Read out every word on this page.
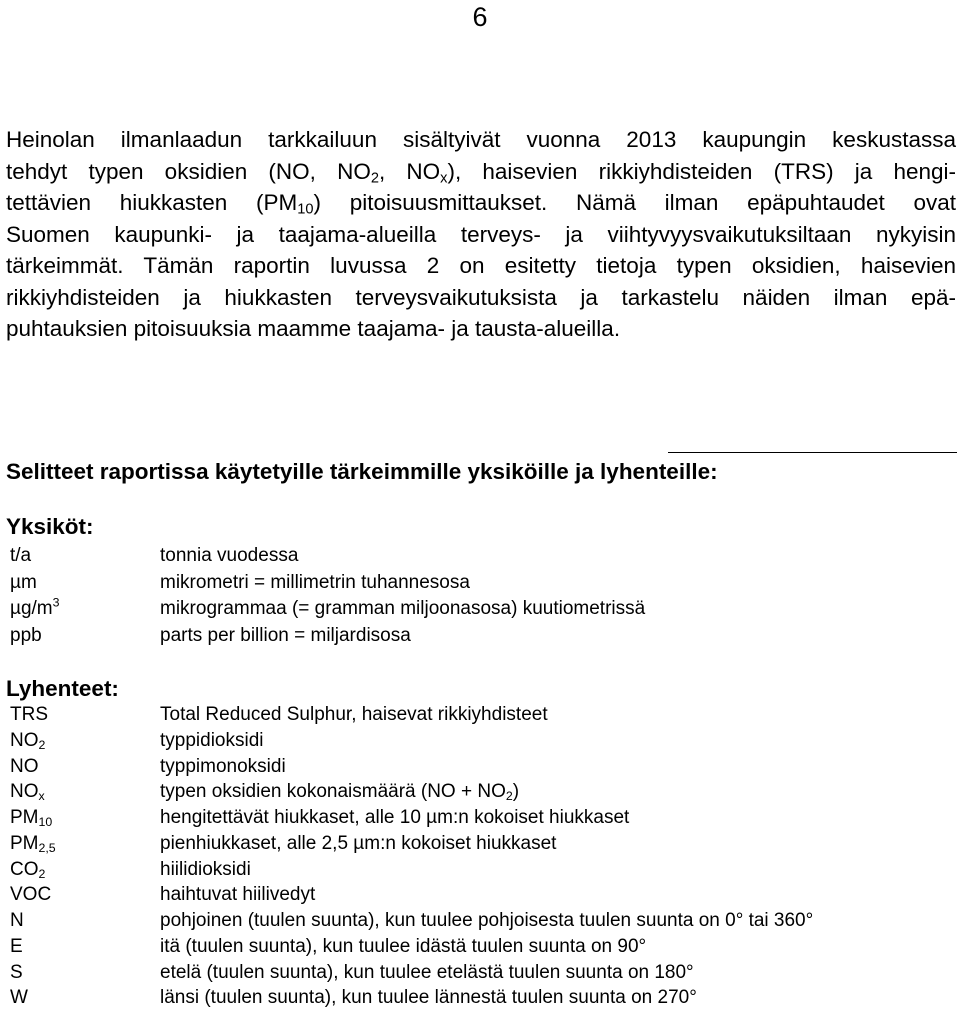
6
Heinolan ilmanlaadun tarkkailuun sisältyivät vuonna 2013 kaupungin keskustassa
tehdyt typen oksidien (NO, $NO_2$, $NO_x$), haisevien rikkiyhdisteiden (TRS) ja hengi-
tettävien hiukkasten $(PM_{10})$ pitoisuusmittaukset. Nämä ilman epäpuhtaudet ovat
Suomen kaupunki- ja taajama-alueilla terveys- ja viihtyvyysvaikutuksiltaan nykyisin
tärkeimmät. Tämän raportin luvussa 2 on esitetty tietoja typen oksidien, haisevien
rikkiyhdisteiden ja hiukkasten terveysvaikutuksista ja tarkastelu näiden ilman epä-
puhtauksien pitoisuuksia maamme taajama- ja tausta-alueilla.
Selitteet raportissa käytetyille tärkeimmille yksiköille ja lyhenteille:
Yksiköt:
t/a	tonnia vuodessa
µm	mikrometri = millimetrin tuhannesosa
$\mu g/m^3$	mikrogrammaa (= gramman miljoonasosa) kuutiometrissä
ppb	parts per billion = miljardisosa
Lyhenteet:
TRS	Total Reduced Sulphur, haisevat rikkiyhdisteet
$NO_2$	typpidioksidi
NO	typpimonoksidi
$NO_x$	typen oksidien kokonaismäärä $(NO + NO_2)$
$PM_{10}$	hengitettävät hiukkaset, alle 10 µm:n kokoiset hiukkaset
$PM_{2,5}$	pienhiukkaset, alle 2,5 µm:n kokoiset hiukkaset
$CO_2$	hiilidioksidi
VOC	haihtuvat hiilivedyt
N	pohjoinen (tuulen suunta), kun tuulee pohjoisesta tuulen suunta on 0° tai 360°
E	itä (tuulen suunta), kun tuulee idästä tuulen suunta on 90°
S	etelä (tuulen suunta), kun tuulee etelästä tuulen suunta on 180°
W	länsi (tuulen suunta), kun tuulee lännestä tuulen suunta on 270°
